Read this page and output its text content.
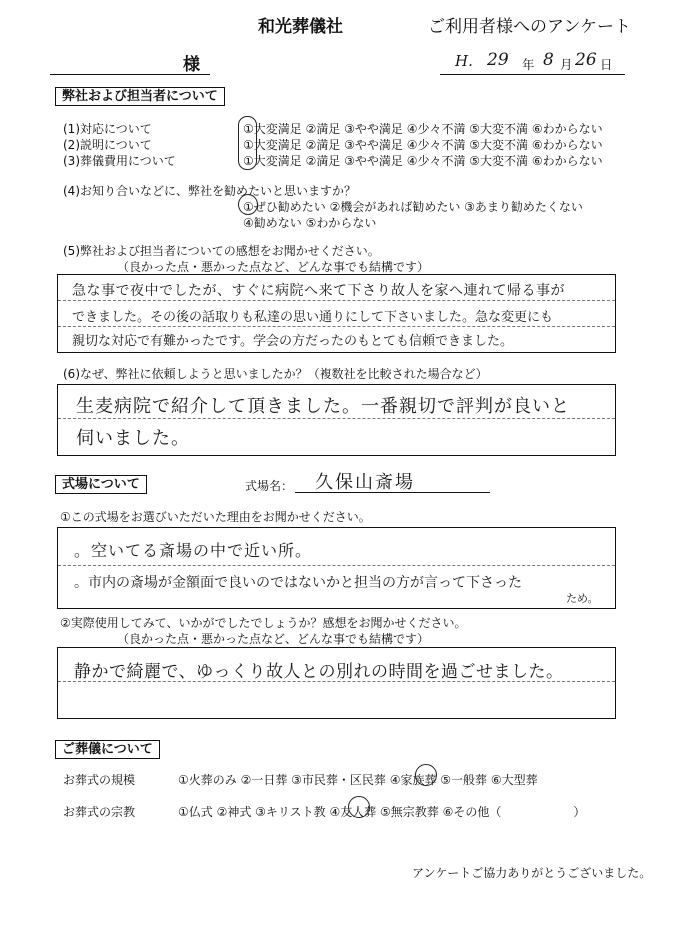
和光葬儀社	ご利用者様へのアンケート
様	H. 29 年 8 月 26 日
弊社および担当者について
(1)対応について	①大変満足 ②満足 ③やや満足 ④少々不満 ⑤大変不満 ⑥わからない
(2)説明について	①大変満足 ②満足 ③やや満足 ④少々不満 ⑤大変不満 ⑥わからない
(3)葬儀費用について	①大変満足 ②満足 ③やや満足 ④少々不満 ⑤大変不満 ⑥わからない
(4)お知り合いなどに、弊社を勧めたいと思いますか？
①ぜひ勧めたい ②機会があれば勧めたい ③あまり勧めたくない
④勧めない ⑤わからない
(5)弊社および担当者についての感想をお聞かせください。
（良かった点・悪かった点など、どんな事でも結構です）
急な事で夜中でしたが、すぐに病院へ来て下さり故人を家へ連れて帰る事が
できました。その後の話取りも私達の思い通りにして下さいました。急な変更にも
親切な対応で有難かったです。学会の方だったのもとても信頼できました。
(6)なぜ、弊社に依頼しようと思いましたか？（複数社を比較された場合など）
生麦病院で紹介して頂きました。一番親切で評判が良いと
伺いました。
式場について	式場名： 久保山斎場
①この式場をお選びいただいた理由をお聞かせください。
。空いてる斎場の中で近い所。
。市内の斎場が金額面で良いのではないかと担当の方が言って下さった
ため。
②実際使用してみて、いかがでしたでしょうか？感想をお聞かせください。
（良かった点・悪かった点など、どんな事でも結構です）
静かで綺麗で、ゆっくり故人との別れの時間を過ごせました。
ご葬儀について
お葬式の規模	①火葬のみ ②一日葬 ③市民葬・区民葬 ④家族葬 ⑤一般葬 ⑥大型葬
お葬式の宗教	①仏式 ②神式 ③キリスト教 ④友人葬 ⑤無宗教葬 ⑥その他（　　　　　　）
アンケートご協力ありがとうございました。
